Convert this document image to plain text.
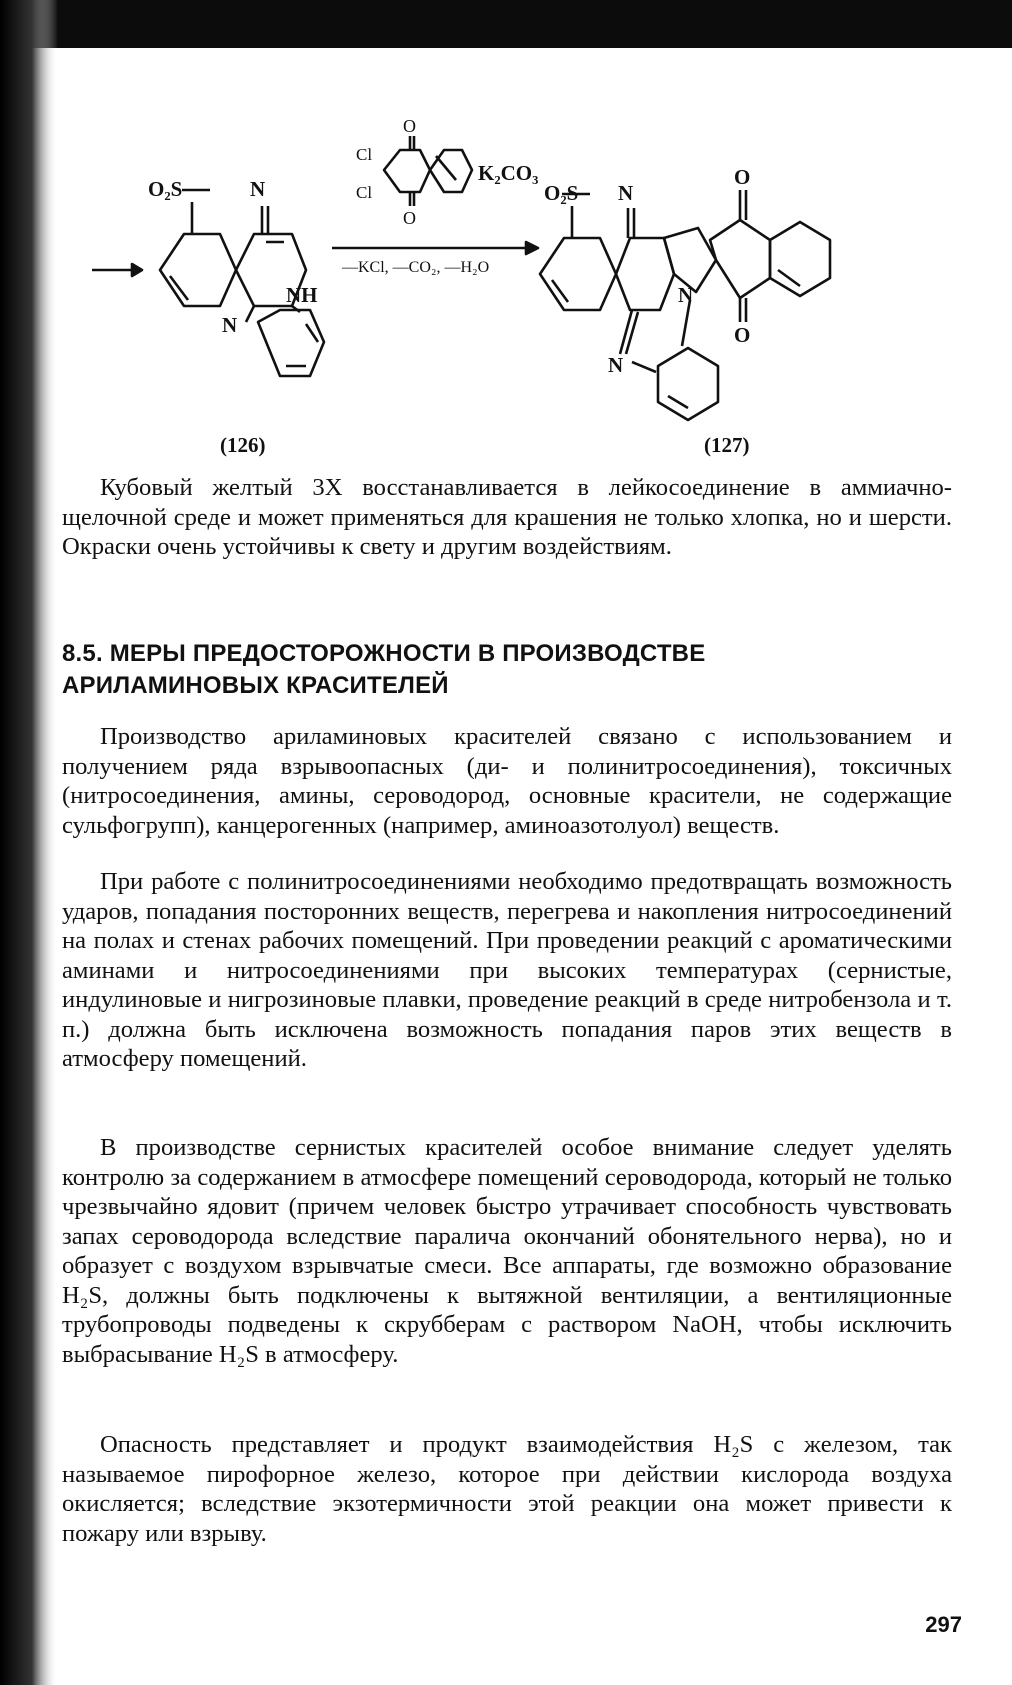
O₂S	N
NH
N
O
Cl
Cl
O
K₂CO₃
—KCl, —CO₂, —H₂O
O₂S N
N
N
O
O
(126)	(127)

Кубовый желтый 3Х восстанавливается в лейкосоединение в аммиачно-щелочной среде и может применяться для крашения не только хлопка, но и шерсти. Окраски очень устойчивы к свету и другим воздействиям.

8.5. МЕРЫ ПРЕДОСТОРОЖНОСТИ В ПРОИЗВОДСТВЕ
АРИЛАМИНОВЫХ КРАСИТЕЛЕЙ

Производство ариламиновых красителей связано с использованием и получением ряда взрывоопасных (ди- и полинитросоединения), токсичных (нитросоединения, амины, сероводород, основные красители, не содержащие сульфогрупп), канцерогенных (например, аминоазотолуол) веществ.

При работе с полинитросоединениями необходимо предотвращать возможность ударов, попадания посторонних веществ, перегрева и накопления нитросоединений на полах и стенах рабочих помещений. При проведении реакций с ароматическими аминами и нитросоединениями при высоких температурах (сернистые, индулиновые и нигрозиновые плавки, проведение реакций в среде нитробензола и т. п.) должна быть исключена возможность попадания паров этих веществ в атмосферу помещений.

В производстве сернистых красителей особое внимание следует уделять контролю за содержанием в атмосфере помещений сероводорода, который не только чрезвычайно ядовит (причем человек быстро утрачивает способность чувствовать запах сероводорода вследствие паралича окончаний обонятельного нерва), но и образует с воздухом взрывчатые смеси. Все аппараты, где возможно образование H₂S, должны быть подключены к вытяжной вентиляции, а вентиляционные трубопроводы подведены к скрубберам с раствором NaOH, чтобы исключить выбрасывание H₂S в атмосферу.

Опасность представляет и продукт взаимодействия H₂S с железом, так называемое пирофорное железо, которое при действии кислорода воздуха окисляется; вследствие экзотермичности этой реакции она может привести к пожару или взрыву.

297
